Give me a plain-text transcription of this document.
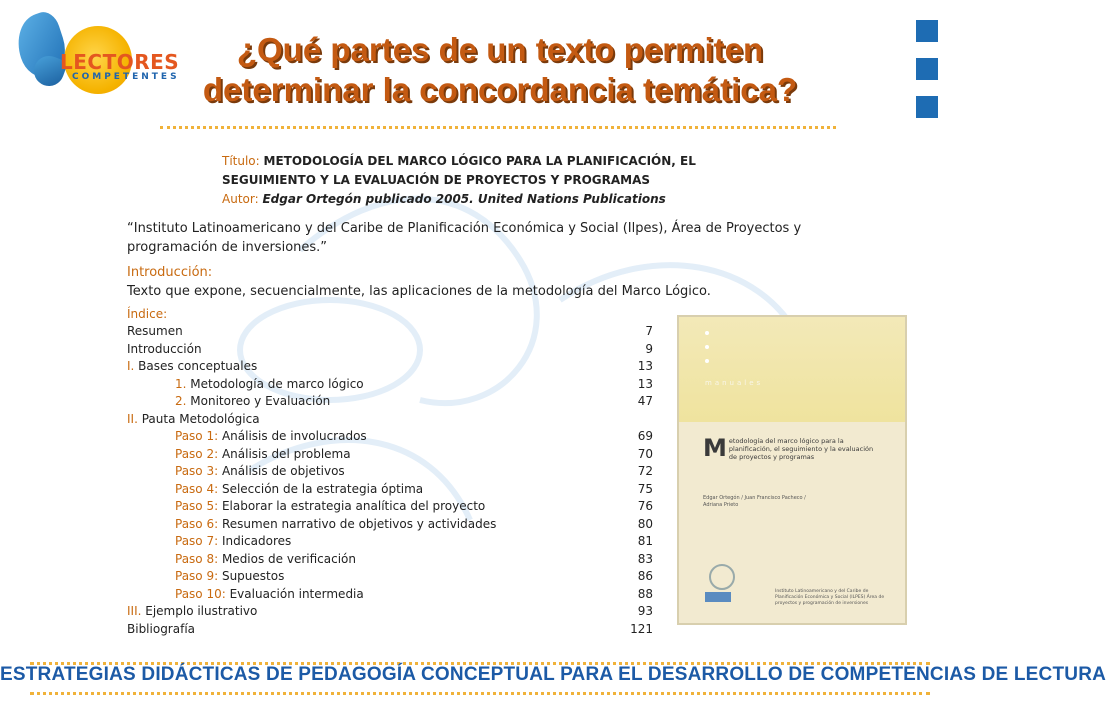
LECTORES
COMPETENTES
¿Qué partes de un texto permiten determinar la concordancia temática?
Título: METODOLOGÍA DEL MARCO LÓGICO PARA LA PLANIFICACIÓN, EL SEGUIMIENTO Y LA EVALUACIÓN DE PROYECTOS Y PROGRAMAS
Autor: Edgar Ortegón publicado 2005. United Nations Publications
“Instituto Latinoamericano y del Caribe de Planificación Económica y Social (Ilpes), Área de Proyectos y programación de inversiones.”
Introducción:
Texto que expone, secuencialmente, las aplicaciones de la metodología del Marco Lógico.
Índice:
Resumen	7
Introducción	9
I. Bases conceptuales	13
1. Metodología de marco lógico	13
2. Monitoreo y Evaluación	47
II. Pauta Metodológica
Paso 1: Análisis de involucrados	69
Paso 2: Análisis del problema	70
Paso 3: Análisis de objetivos	72
Paso 4: Selección de la estrategia óptima	75
Paso 5: Elaborar la estrategia analítica del proyecto	76
Paso 6: Resumen narrativo de objetivos y actividades	80
Paso 7: Indicadores	81
Paso 8: Medios de verificación	83
Paso 9: Supuestos	86
Paso 10: Evaluación intermedia	88
III. Ejemplo ilustrativo	93
Bibliografía	121
manuales
Metodología del marco lógico para la planificación, el seguimiento y la evaluación de proyectos y programas
Edgar Ortegón / Juan Francisco Pacheco / Adriana Prieto
Instituto Latinoamericano y del Caribe de Planificación Económica y Social (ILPES) Área de proyectos y programación de inversiones
ESTRATEGIAS DIDÁCTICAS DE PEDAGOGÍA CONCEPTUAL PARA EL DESARROLLO DE COMPETENCIAS DE LECTURA
